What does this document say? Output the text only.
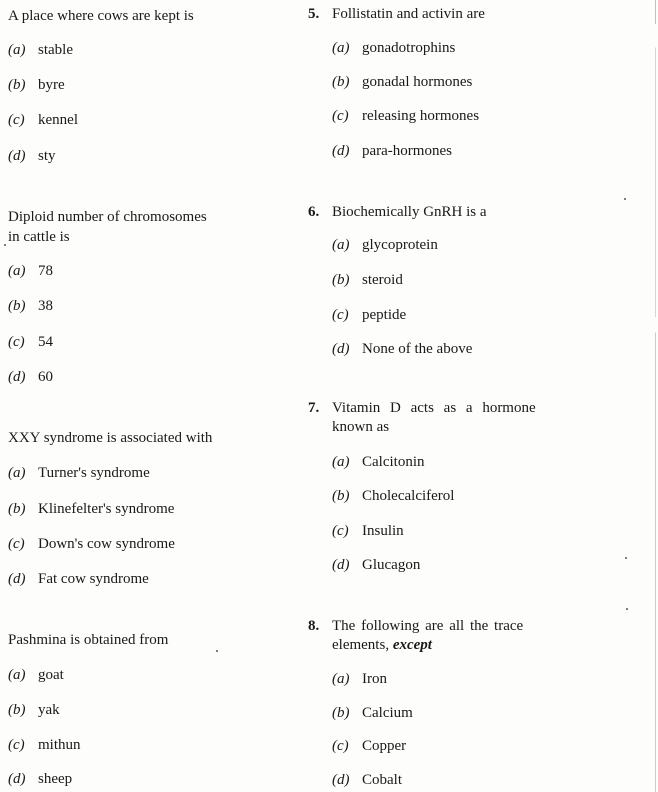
A place where cows are kept is
(a) stable
(b) byre
(c) kennel
(d) sty
Diploid number of chromosomes
in cattle is
(a) 78
(b) 38
(c) 54
(d) 60
XXY syndrome is associated with
(a) Turner's syndrome
(b) Klinefelter's syndrome
(c) Down's cow syndrome
(d) Fat cow syndrome
Pashmina is obtained from
(a) goat
(b) yak
(c) mithun
(d) sheep
5. Follistatin and activin are
(a) gonadotrophins
(b) gonadal hormones
(c) releasing hormones
(d) para-hormones
6. Biochemically GnRH is a
(a) glycoprotein
(b) steroid
(c) peptide
(d) None of the above
7. Vitamin D acts as a hormone
known as
(a) Calcitonin
(b) Cholecalciferol
(c) Insulin
(d) Glucagon
8. The following are all the trace
elements, except
(a) Iron
(b) Calcium
(c) Copper
(d) Cobalt
